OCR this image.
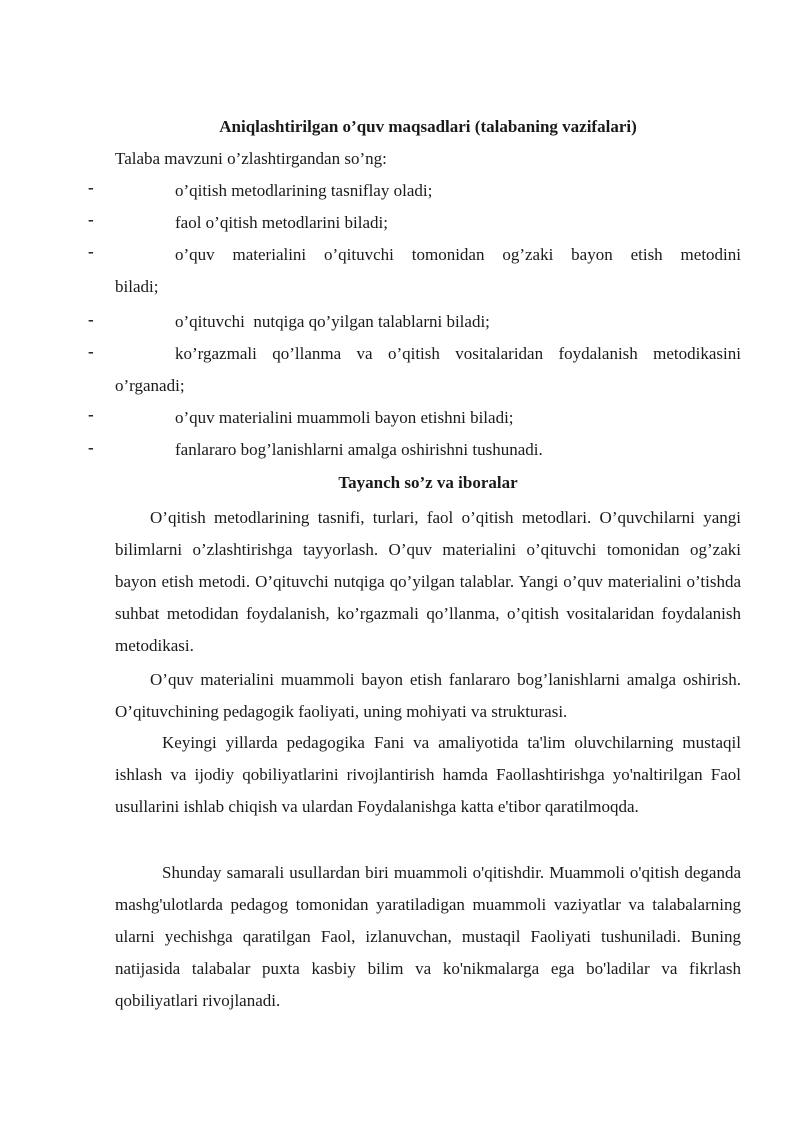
Aniqlashtirilgan o’quv maqsadlari (talabaning vazifalari)
Talaba mavzuni o’zlashtirgandan so’ng:
-	o’qitish metodlarining tasniflay oladi;
-	faol o’qitish metodlarini biladi;
-	o’quv materialini o’qituvchi tomonidan og’zaki bayon etish metodini
biladi;
-	o’qituvchi  nutqiga qo’yilgan talablarni biladi;
-	ko’rgazmali qo’llanma va o’qitish vositalaridan foydalanish metodikasini
o’rganadi;
-	o’quv materialini muammoli bayon etishni biladi;
-	fanlararo bog’lanishlarni amalga oshirishni tushunadi.
Tayanch so’z va iboralar
O’qitish metodlarining tasnifi, turlari, faol o’qitish metodlari. O’quvchilarni yangi bilimlarni o’zlashtirishga tayyorlash. O’quv materialini o’qituvchi tomonidan og’zaki bayon etish metodi. O’qituvchi nutqiga qo’yilgan talablar. Yangi o’quv materialini o’tishda suhbat metodidan foydalanish, ko’rgazmali qo’llanma, o’qitish vositalaridan foydalanish metodikasi.
O’quv materialini muammoli bayon etish fanlararo bog’lanishlarni amalga oshirish. O’qituvchining pedagogik faoliyati, uning mohiyati va strukturasi.
Keyingi yillarda pedagogika Fani va amaliyotida ta'lim oluvchilarning mustaqil ishlash va ijodiy qobiliyatlarini rivojlantirish hamda Faollashtirishga yo'naltirilgan Faol usullarini ishlab chiqish va ulardan Foydalanishga katta e'tibor qaratilmoqda.
Shunday samarali usullardan biri muammoli o'qitishdir. Muammoli o'qitish deganda mashg'ulotlarda pedagog tomonidan yaratiladigan muammoli vaziyatlar va talabalarning ularni yechishga qaratilgan Faol, izlanuvchan, mustaqil Faoliyati tushuniladi. Buning natijasida talabalar puxta kasbiy bilim va ko'nikmalarga ega bo'ladilar va fikrlash qobiliyatlari rivojlanadi.
